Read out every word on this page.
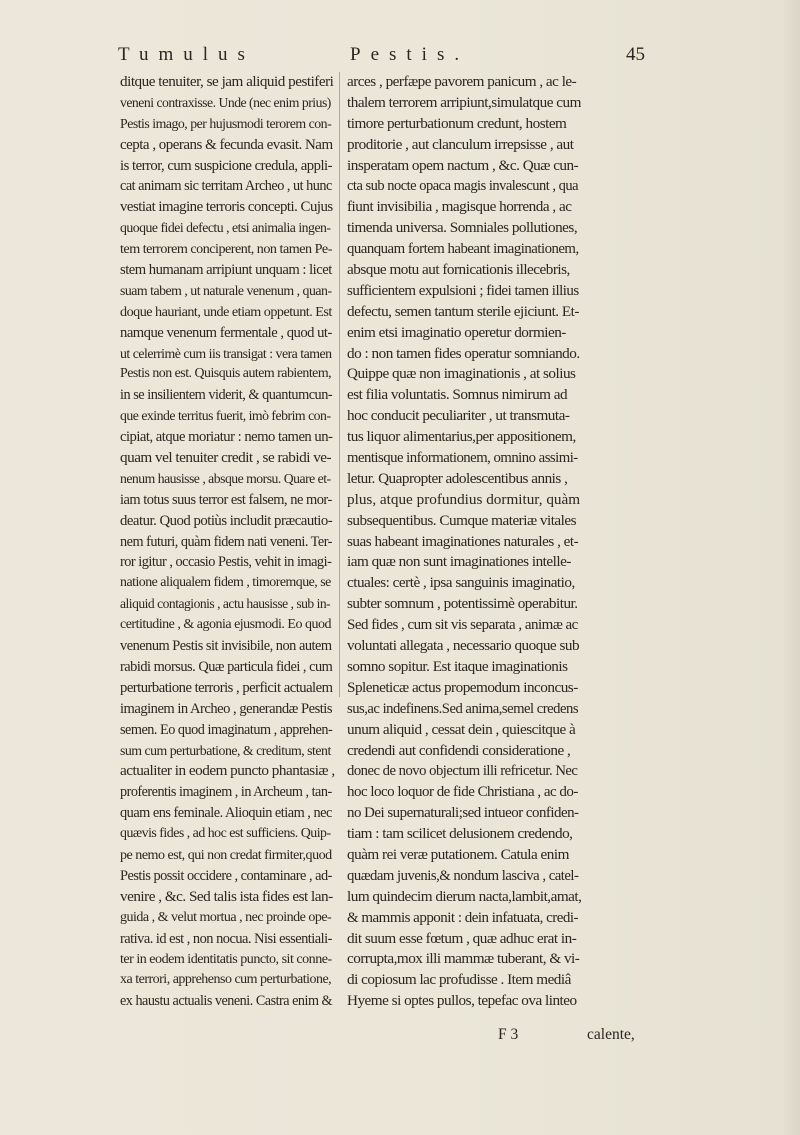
Tumulus	Pestis.	45
ditque tenuiter, se jam aliquid pestiferi
veneni contraxisse. Unde (nec enim prius)
Pestis imago, per hujusmodi terorem con-
cepta , operans & fecunda evasit. Nam
is terror, cum suspicione credula, appli-
cat animam sic territam Archeo , ut hunc
vestiat imagine terroris concepti. Cujus
quoque fidei defectu , etsi animalia ingen-
tem terrorem conciperent, non tamen Pe-
stem humanam arripiunt unquam : licet
suam tabem , ut naturale venenum , quan-
doque hauriant, unde etiam oppetunt. Est
namque venenum fermentale , quod ut-
ut celerrimè cum iis transigat : vera tamen
Pestis non est. Quisquis autem rabientem,
in se insilientem viderit, & quantumcun-
que exinde territus fuerit, imò febrim con-
cipiat, atque moriatur : nemo tamen un-
quam vel tenuiter credit , se rabidi ve-
nenum hausisse , absque morsu. Quare et-
iam totus suus terror est falsem, ne mor-
deatur. Quod potiùs includit præcautio-
nem futuri, quàm fidem nati veneni. Ter-
ror igitur , occasio Pestis, vehit in imagi-
natione aliqualem fidem , timoremque, se
aliquid contagionis , actu hausisse , sub in-
certitudine , & agonia ejusmodi. Eo quod
venenum Pestis sit invisibile, non autem
rabidi morsus. Quæ particula fidei , cum
perturbatione terroris , perficit actualem
imaginem in Archeo , generandæ Pestis
semen. Eo quod imaginatum , apprehen-
sum cum perturbatione, & creditum, stent
actualiter in eodem puncto phantasiæ ,
proferentis imaginem , in Archeum , tan-
quam ens feminale. Alioquin etiam , nec
quævis fides , ad hoc est sufficiens. Quip-
pe nemo est, qui non credat firmiter,quod
Pestis possit occidere , contaminare , ad-
venire , &c. Sed talis ista fides est lan-
guida , & velut mortua , nec proinde ope-
rativa. id est , non nocua. Nisi essentiali-
ter in eodem identitatis puncto, sit conne-
xa terrori, apprehenso cum perturbatione,
ex haustu actualis veneni. Castra enim &
arces , perfæpe pavorem panicum , ac le-
thalem terrorem arripiunt,simulatque cum
timore perturbationum credunt, hostem
proditorie , aut clanculum irrepsisse , aut
insperatam opem nactum , &c. Quæ cun-
cta sub nocte opaca magis invalescunt , qua
fiunt invisibilia , magisque horrenda , ac
timenda universa. Somniales pollutiones,
quanquam fortem habeant imaginationem,
absque motu aut fornicationis illecebris,
sufficientem expulsioni ; fidei tamen illius
defectu, semen tantum sterile ejiciunt. Et-
enim etsi imaginatio operetur dormien-
do : non tamen fides operatur somniando.
Quippe quæ non imaginationis , at solius
est filia voluntatis. Somnus nimirum ad
hoc conducit peculiariter , ut transmuta-
tus liquor alimentarius,per appositionem,
mentisque informationem, omnino assimi-
letur. Quapropter adolescentibus annis ,
plus, atque profundius dormitur, quàm
subsequentibus. Cumque materiæ vitales
suas habeant imaginationes naturales , et-
iam quæ non sunt imaginationes intelle-
ctuales: certè , ipsa sanguinis imaginatio,
subter somnum , potentissimè operabitur.
Sed fides , cum sit vis separata , animæ ac
voluntati allegata , necessario quoque sub
somno sopitur. Est itaque imaginationis
Spleneticæ actus propemodum inconcus-
sus,ac indefinens.Sed anima,semel credens
unum aliquid , cessat dein , quiescitque à
credendi aut confidendi consideratione ,
donec de novo objectum illi refricetur. Nec
hoc loco loquor de fide Christiana , ac do-
no Dei supernaturali;sed intueor confiden-
tiam : tam scilicet delusionem credendo,
quàm rei veræ putationem. Catula enim
quædam juvenis,& nondum lasciva , catel-
lum quindecim dierum nacta,lambit,amat,
& mammis apponit : dein infatuata, credi-
dit suum esse fœtum , quæ adhuc erat in-
corrupta,mox illi mammæ tuberant, & vi-
di copiosum lac profudisse . Item mediâ
Hyeme si optes pullos, tepefac ova linteo
F 3	calente,
